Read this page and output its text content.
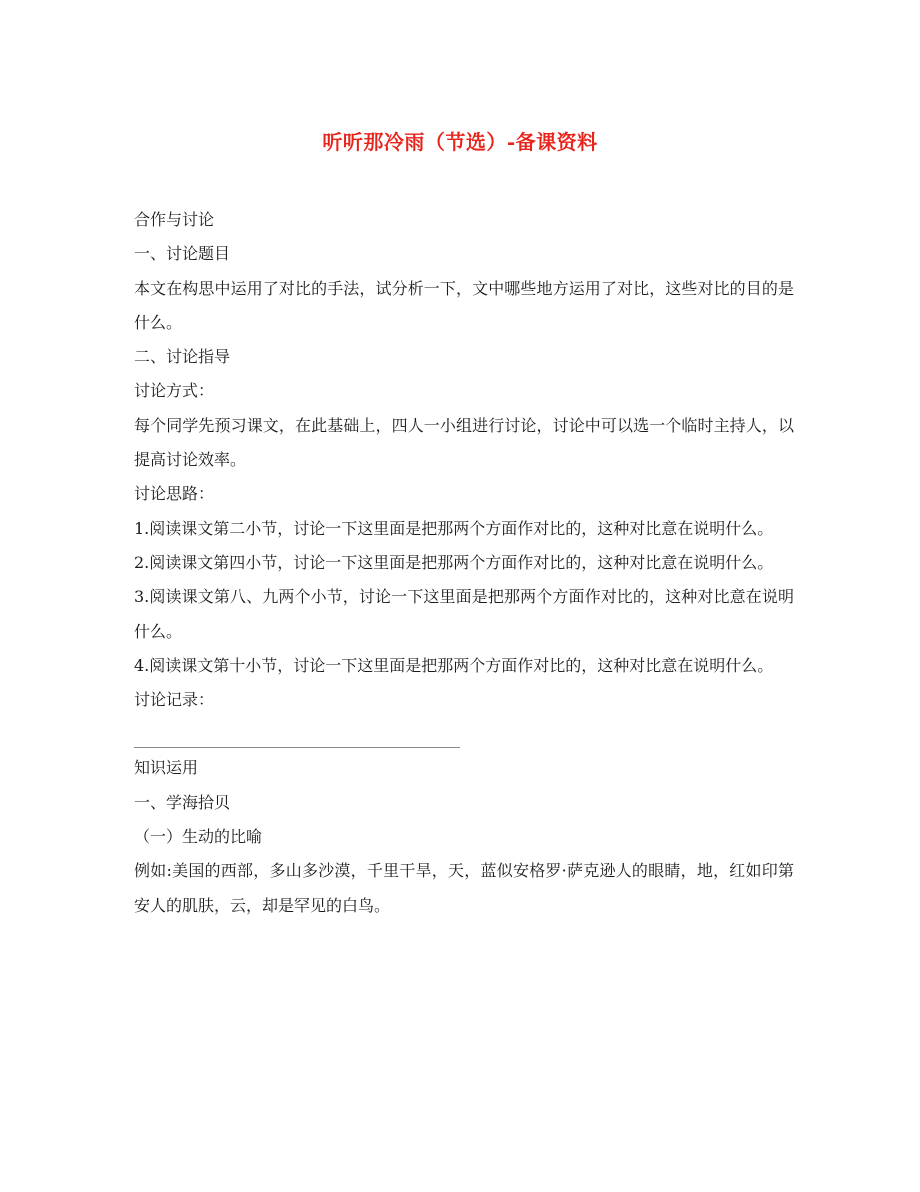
听听那冷雨（节选）-备课资料

合作与讨论

一、讨论题目

本文在构思中运用了对比的手法，试分析一下，文中哪些地方运用了对比，这些对比的目的是什么。

二、讨论指导

讨论方式：

每个同学先预习课文，在此基础上，四人一小组进行讨论，讨论中可以选一个临时主持人，以提高讨论效率。

讨论思路：

1.阅读课文第二小节，讨论一下这里面是把那两个方面作对比的，这种对比意在说明什么。

2.阅读课文第四小节，讨论一下这里面是把那两个方面作对比的，这种对比意在说明什么。

3.阅读课文第八、九两个小节，讨论一下这里面是把那两个方面作对比的，这种对比意在说明什么。

4.阅读课文第十小节，讨论一下这里面是把那两个方面作对比的，这种对比意在说明什么。

讨论记录：

知识运用

一、学海拾贝

（一）生动的比喻

例如:美国的西部，多山多沙漠，千里干旱，天，蓝似安格罗·萨克逊人的眼睛，地，红如印第安人的肌肤，云，却是罕见的白鸟。
